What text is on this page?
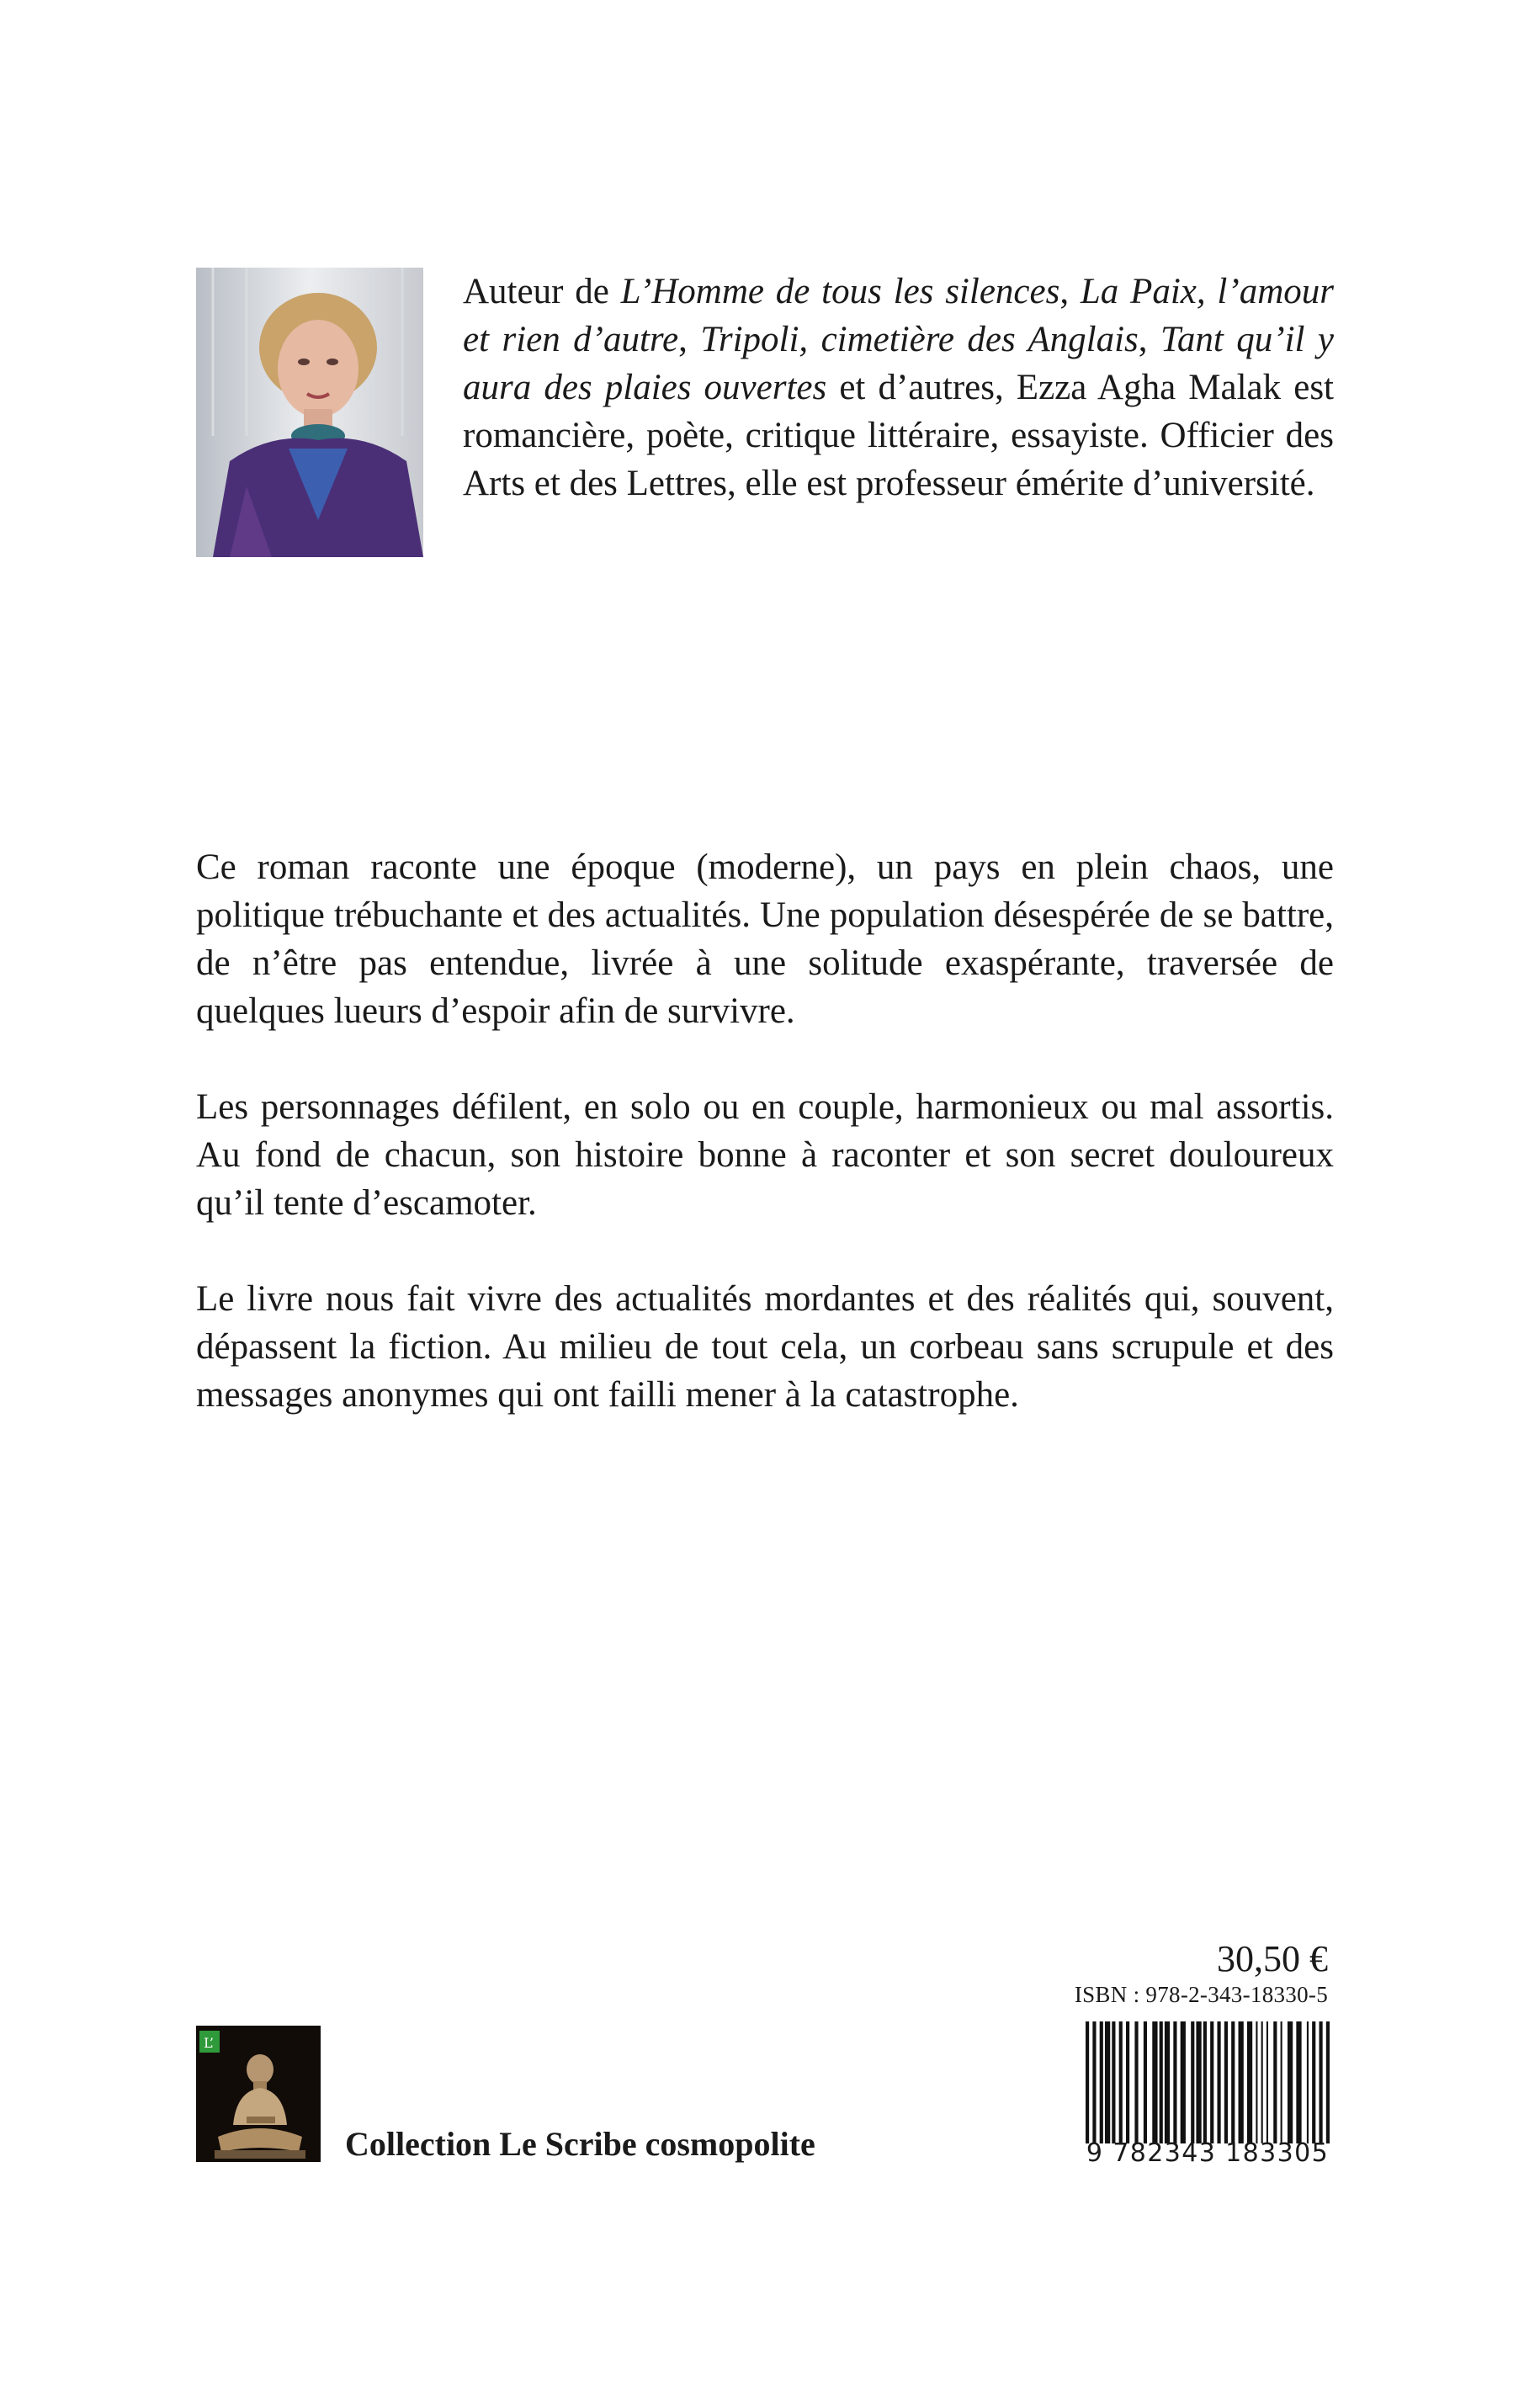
Auteur de L’Homme de tous les silences, La Paix, l’amour et rien d’autre, Tripoli, cimetière des Anglais, Tant qu’il y aura des plaies ouvertes et d’autres, Ezza Agha Malak est romancière, poète, critique littéraire, essayiste. Officier des Arts et des Lettres, elle est professeur émérite d’université.

Ce roman raconte une époque (moderne), un pays en plein chaos, une politique trébuchante et des actualités. Une population désespérée de se battre, de n’être pas entendue, livrée à une solitude exaspérante, traversée de quelques lueurs d’espoir afin de survivre.

Les personnages défilent, en solo ou en couple, harmonieux ou mal assortis. Au fond de chacun, son histoire bonne à raconter et son secret douloureux qu’il tente d’escamoter.

Le livre nous fait vivre des actualités mordantes et des réalités qui, souvent, dépassent la fiction. Au milieu de tout cela, un corbeau sans scrupule et des messages anonymes qui ont failli mener à la catastrophe.

30,50 €
ISBN : 978-2-343-18330-5
9 782343 183305
L’
Collection Le Scribe cosmopolite
